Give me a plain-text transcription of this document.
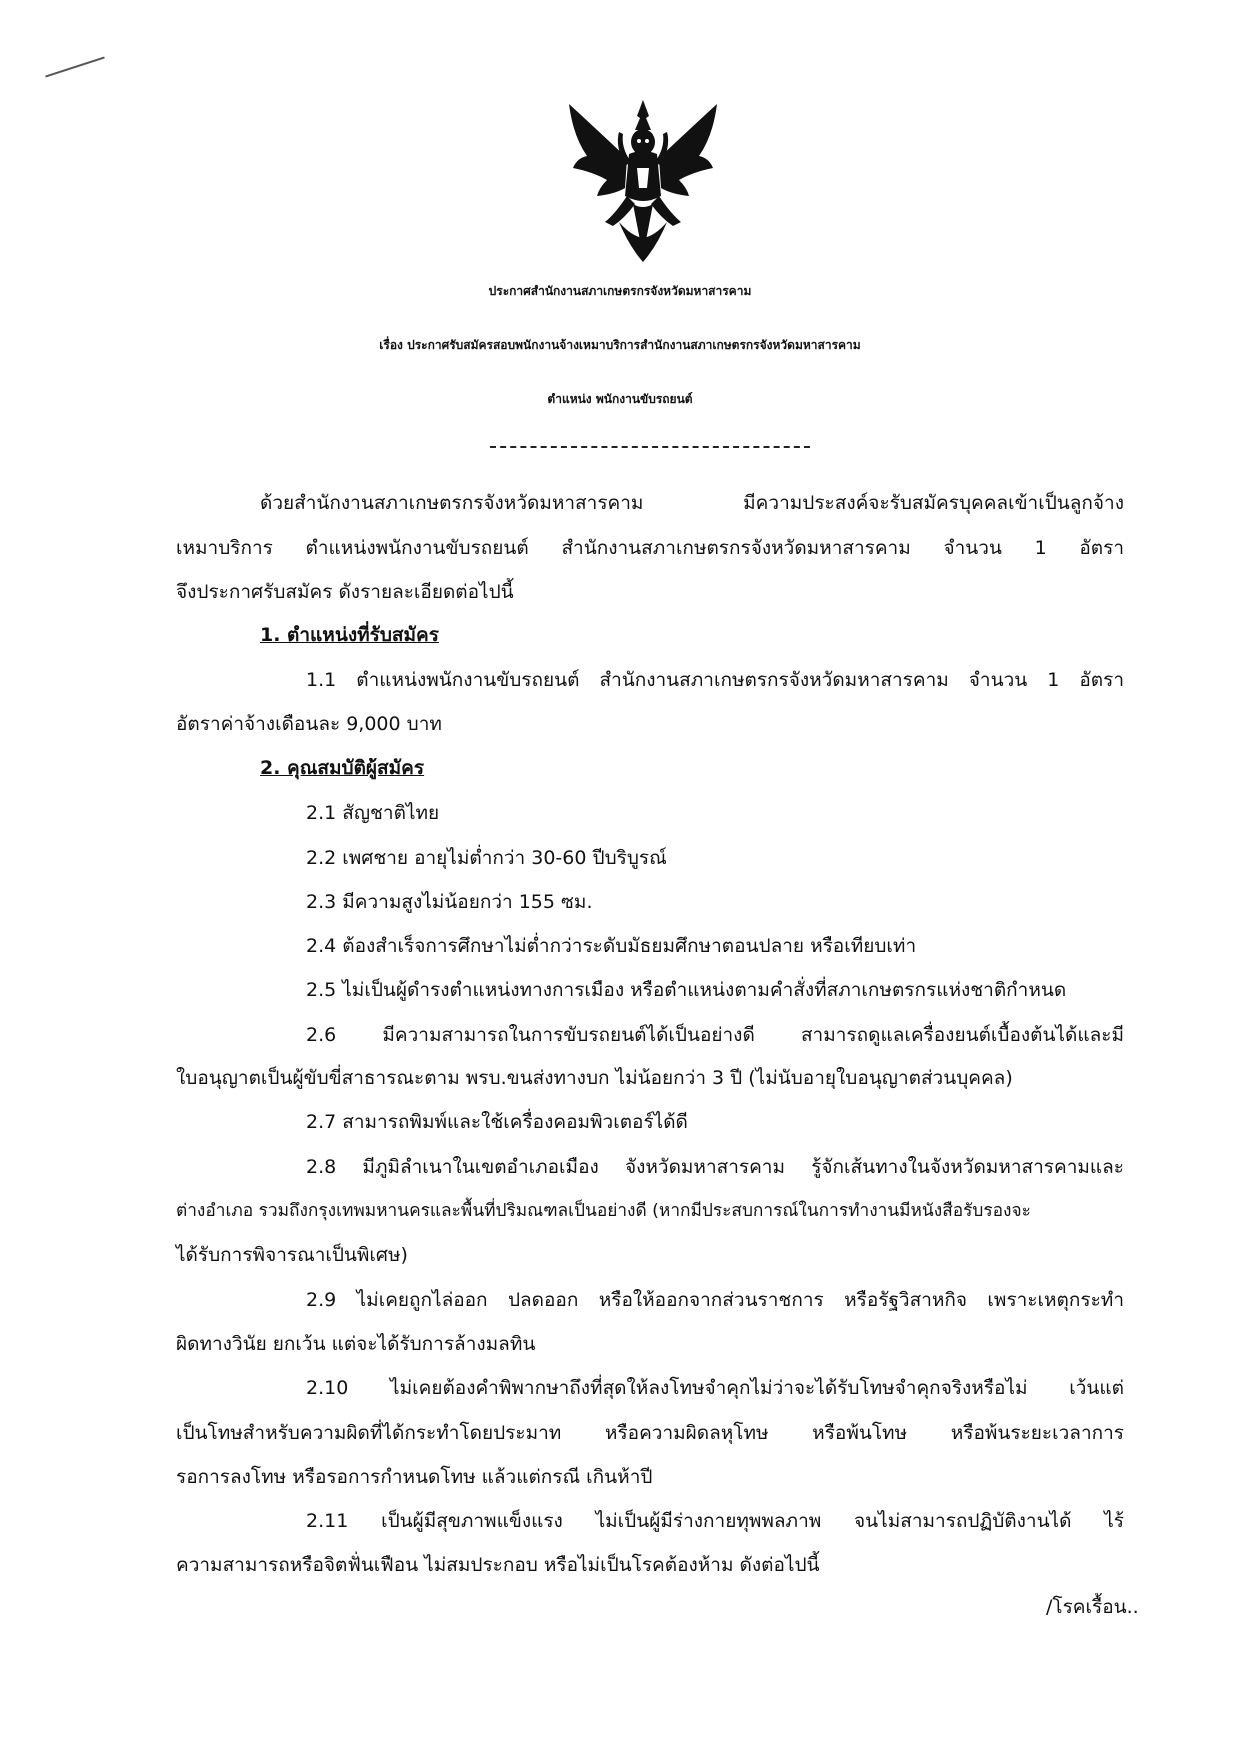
ประกาศสำนักงานสภาเกษตรกรจังหวัดมหาสารคาม
เรื่อง ประกาศรับสมัครสอบพนักงานจ้างเหมาบริการสำนักงานสภาเกษตรกรจังหวัดมหาสารคาม
ตำแหน่ง พนักงานขับรถยนต์
ด้วยสำนักงานสภาเกษตรกรจังหวัดมหาสารคาม มีความประสงค์จะรับสมัครบุคคลเข้าเป็นลูกจ้าง
เหมาบริการ ตำแหน่งพนักงานขับรถยนต์ สำนักงานสภาเกษตรกรจังหวัดมหาสารคาม จำนวน 1 อัตรา
จึงประกาศรับสมัคร ดังรายละเอียดต่อไปนี้
1. ตำแหน่งที่รับสมัคร
1.1 ตำแหน่งพนักงานขับรถยนต์ สำนักงานสภาเกษตรกรจังหวัดมหาสารคาม จำนวน 1 อัตรา
อัตราค่าจ้างเดือนละ 9,000 บาท
2. คุณสมบัติผู้สมัคร
2.1 สัญชาติไทย
2.2 เพศชาย อายุไม่ต่ำกว่า 30-60 ปีบริบูรณ์
2.3 มีความสูงไม่น้อยกว่า 155 ซม.
2.4 ต้องสำเร็จการศึกษาไม่ต่ำกว่าระดับมัธยมศึกษาตอนปลาย หรือเทียบเท่า
2.5 ไม่เป็นผู้ดำรงตำแหน่งทางการเมือง หรือตำแหน่งตามคำสั่งที่สภาเกษตรกรแห่งชาติกำหนด
2.6 มีความสามารถในการขับรถยนต์ได้เป็นอย่างดี สามารถดูแลเครื่องยนต์เบื้องต้นได้และมี
ใบอนุญาตเป็นผู้ขับขี่สาธารณะตาม พรบ.ขนส่งทางบก ไม่น้อยกว่า 3 ปี (ไม่นับอายุใบอนุญาตส่วนบุคคล)
2.7 สามารถพิมพ์และใช้เครื่องคอมพิวเตอร์ได้ดี
2.8 มีภูมิลำเนาในเขตอำเภอเมือง จังหวัดมหาสารคาม รู้จักเส้นทางในจังหวัดมหาสารคามและ
ต่างอำเภอ รวมถึงกรุงเทพมหานครและพื้นที่ปริมณฑลเป็นอย่างดี (หากมีประสบการณ์ในการทำงานมีหนังสือรับรองจะ
ได้รับการพิจารณาเป็นพิเศษ)
2.9 ไม่เคยถูกไล่ออก ปลดออก หรือให้ออกจากส่วนราชการ หรือรัฐวิสาหกิจ เพราะเหตุกระทำ
ผิดทางวินัย ยกเว้น แต่จะได้รับการล้างมลทิน
2.10 ไม่เคยต้องคำพิพากษาถึงที่สุดให้ลงโทษจำคุกไม่ว่าจะได้รับโทษจำคุกจริงหรือไม่ เว้นแต่
เป็นโทษสำหรับความผิดที่ได้กระทำโดยประมาท หรือความผิดลหุโทษ หรือพ้นโทษ หรือพ้นระยะเวลาการ
รอการลงโทษ หรือรอการกำหนดโทษ แล้วแต่กรณี เกินห้าปี
2.11 เป็นผู้มีสุขภาพแข็งแรง ไม่เป็นผู้มีร่างกายทุพพลภาพ จนไม่สามารถปฏิบัติงานได้ ไร้
ความสามารถหรือจิตฟั่นเฟือน ไม่สมประกอบ หรือไม่เป็นโรคต้องห้าม ดังต่อไปนี้
/โรคเรื้อน..
